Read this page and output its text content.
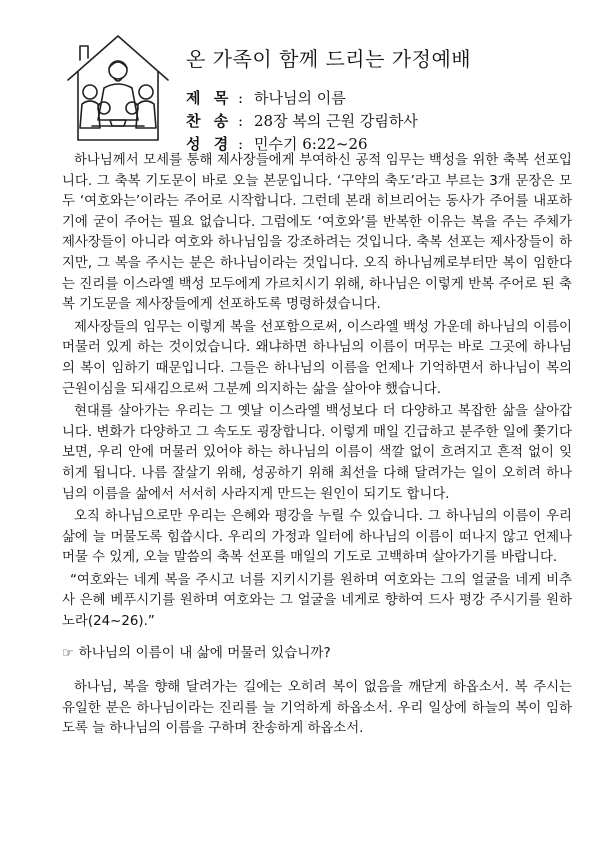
온 가족이 함께 드리는 가정예배
제 목 : 하나님의 이름
찬 송 : 28장 복의 근원 강림하사
성 경 : 민수기 6:22~26

하나님께서 모세를 통해 제사장들에게 부여하신 공적 임무는 백성을 위한 축복 선포입니다. 그 축복 기도문이 바로 오늘 본문입니다. ‘구약의 축도’라고 부르는 3개 문장은 모두 ‘여호와는’이라는 주어로 시작합니다. 그런데 본래 히브리어는 동사가 주어를 내포하기에 굳이 주어는 필요 없습니다. 그럼에도 ‘여호와’를 반복한 이유는 복을 주는 주체가 제사장들이 아니라 여호와 하나님임을 강조하려는 것입니다. 축복 선포는 제사장들이 하지만, 그 복을 주시는 분은 하나님이라는 것입니다. 오직 하나님께로부터만 복이 임한다는 진리를 이스라엘 백성 모두에게 가르치시기 위해, 하나님은 이렇게 반복 주어로 된 축복 기도문을 제사장들에게 선포하도록 명령하셨습니다.

제사장들의 임무는 이렇게 복을 선포함으로써, 이스라엘 백성 가운데 하나님의 이름이 머물러 있게 하는 것이었습니다. 왜냐하면 하나님의 이름이 머무는 바로 그곳에 하나님의 복이 임하기 때문입니다. 그들은 하나님의 이름을 언제나 기억하면서 하나님이 복의 근원이심을 되새김으로써 그분께 의지하는 삶을 살아야 했습니다.

현대를 살아가는 우리는 그 옛날 이스라엘 백성보다 더 다양하고 복잡한 삶을 살아갑니다. 변화가 다양하고 그 속도도 굉장합니다. 이렇게 매일 긴급하고 분주한 일에 쫓기다 보면, 우리 안에 머물러 있어야 하는 하나님의 이름이 색깔 없이 흐려지고 흔적 없이 잊히게 됩니다. 나름 잘살기 위해, 성공하기 위해 최선을 다해 달려가는 일이 오히려 하나님의 이름을 삶에서 서서히 사라지게 만드는 원인이 되기도 합니다.

오직 하나님으로만 우리는 은혜와 평강을 누릴 수 있습니다. 그 하나님의 이름이 우리 삶에 늘 머물도록 힘씁시다. 우리의 가정과 일터에 하나님의 이름이 떠나지 않고 언제나 머물 수 있게, 오늘 말씀의 축복 선포를 매일의 기도로 고백하며 살아가기를 바랍니다.

“여호와는 네게 복을 주시고 너를 지키시기를 원하며 여호와는 그의 얼굴을 네게 비추사 은혜 베푸시기를 원하며 여호와는 그 얼굴을 네게로 향하여 드사 평강 주시기를 원하노라(24~26).”

☞ 하나님의 이름이 내 삶에 머물러 있습니까?

하나님, 복을 향해 달려가는 길에는 오히려 복이 없음을 깨닫게 하옵소서. 복 주시는 유일한 분은 하나님이라는 진리를 늘 기억하게 하옵소서. 우리 일상에 하늘의 복이 임하도록 늘 하나님의 이름을 구하며 찬송하게 하옵소서.
